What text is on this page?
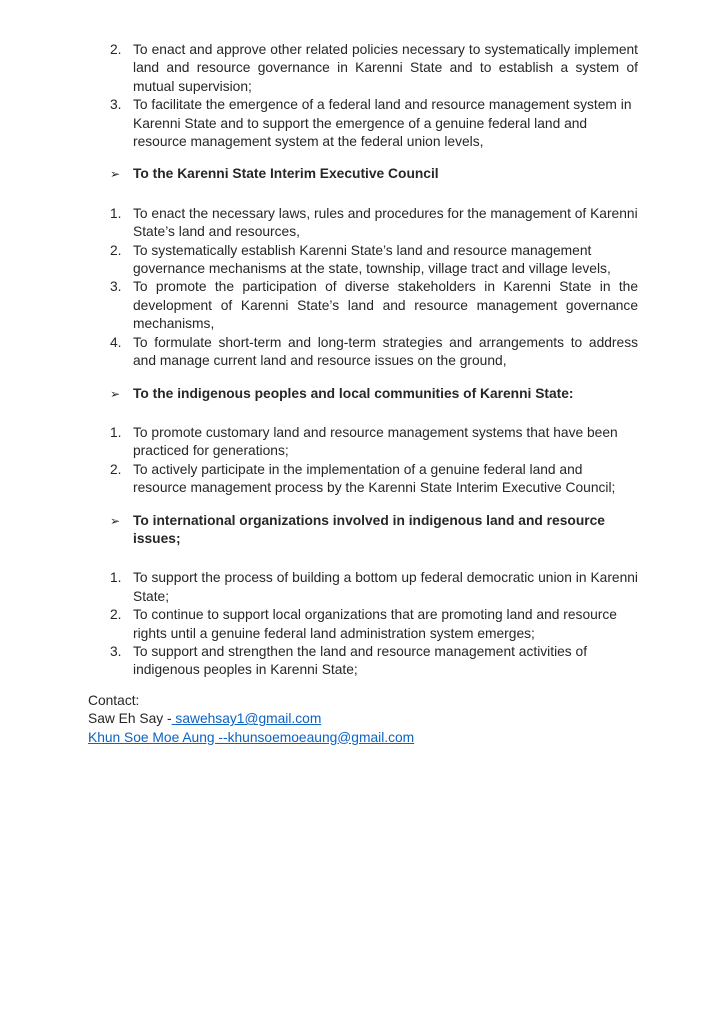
2. To enact and approve other related policies necessary to systematically implement land and resource governance in Karenni State and to establish a system of mutual supervision;
3. To facilitate the emergence of a federal land and resource management system in Karenni State and to support the emergence of a genuine federal land and resource management system at the federal union levels,
➢ To the Karenni State Interim Executive Council
1. To enact the necessary laws, rules and procedures for the management of Karenni State’s land and resources,
2. To systematically establish Karenni State’s land and resource management governance mechanisms at the state, township, village tract and village levels,
3. To promote the participation of diverse stakeholders in Karenni State in the development of Karenni State’s land and resource management governance mechanisms,
4. To formulate short-term and long-term strategies and arrangements to address and manage current land and resource issues on the ground,
➢ To the indigenous peoples and local communities of Karenni State:
1. To promote customary land and resource management systems that have been practiced for generations;
2. To actively participate in the implementation of a genuine federal land and resource management process by the Karenni State Interim Executive Council;
➢ To international organizations involved in indigenous land and resource issues;
1. To support the process of building a bottom up federal democratic union in Karenni State;
2. To continue to support local organizations that are promoting land and resource rights until a genuine federal land administration system emerges;
3. To support and strengthen the land and resource management activities of indigenous peoples in Karenni State;
Contact:
Saw Eh Say - sawehsay1@gmail.com
Khun Soe Moe Aung --khunsoemoeaung@gmail.com
